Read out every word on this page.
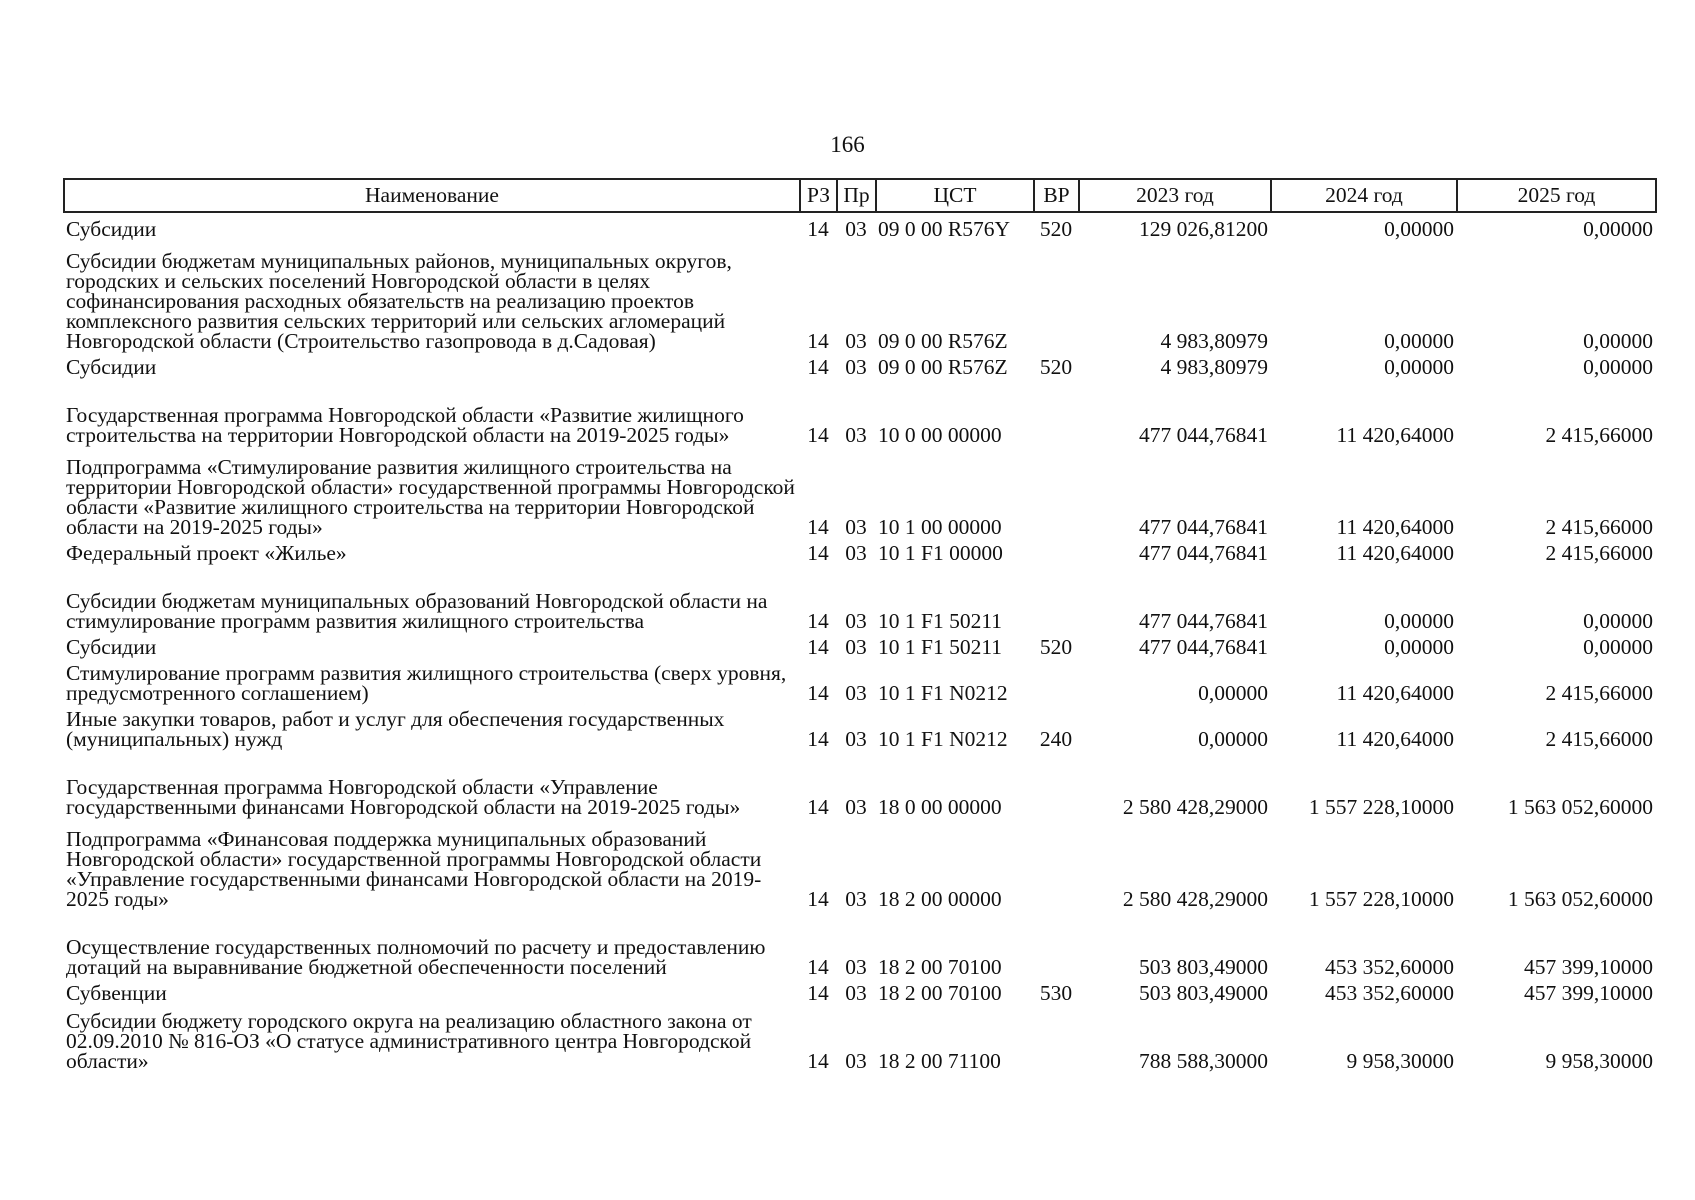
166
Наименование	РЗ	Пр	ЦСТ	ВР	2023 год	2024 год	2025 год
Субсидии	14	03	09 0 00 R576Y	520	129 026,81200	0,00000	0,00000
Субсидии бюджетам муниципальных районов, муниципальных округов, городских и сельских поселений Новгородской области в целях софинансирования расходных обязательств на реализацию проектов комплексного развития сельских территорий или сельских агломераций Новгородской области (Строительство газопровода в д.Садовая)	14	03	09 0 00 R576Z		4 983,80979	0,00000	0,00000
Субсидии	14	03	09 0 00 R576Z	520	4 983,80979	0,00000	0,00000
Государственная программа Новгородской области «Развитие жилищного строительства на территории Новгородской области на 2019-2025 годы»	14	03	10 0 00 00000		477 044,76841	11 420,64000	2 415,66000
Подпрограмма «Стимулирование развития жилищного строительства на территории Новгородской области» государственной программы Новгородской области «Развитие жилищного строительства на территории Новгородской области на 2019-2025 годы»	14	03	10 1 00 00000		477 044,76841	11 420,64000	2 415,66000
Федеральный проект «Жилье»	14	03	10 1 F1 00000		477 044,76841	11 420,64000	2 415,66000
Субсидии бюджетам муниципальных образований Новгородской области на стимулирование программ развития жилищного строительства	14	03	10 1 F1 50211		477 044,76841	0,00000	0,00000
Субсидии	14	03	10 1 F1 50211	520	477 044,76841	0,00000	0,00000
Стимулирование программ развития жилищного строительства (сверх уровня, предусмотренного соглашением)	14	03	10 1 F1 N0212		0,00000	11 420,64000	2 415,66000
Иные закупки товаров, работ и услуг для обеспечения государственных (муниципальных) нужд	14	03	10 1 F1 N0212	240	0,00000	11 420,64000	2 415,66000
Государственная программа Новгородской области «Управление государственными финансами Новгородской области на 2019-2025 годы»	14	03	18 0 00 00000		2 580 428,29000	1 557 228,10000	1 563 052,60000
Подпрограмма «Финансовая поддержка муниципальных образований Новгородской области» государственной программы Новгородской области «Управление государственными финансами Новгородской области на 2019-2025 годы»	14	03	18 2 00 00000		2 580 428,29000	1 557 228,10000	1 563 052,60000
Осуществление государственных полномочий по расчету и предоставлению дотаций на выравнивание бюджетной обеспеченности поселений	14	03	18 2 00 70100		503 803,49000	453 352,60000	457 399,10000
Субвенции	14	03	18 2 00 70100	530	503 803,49000	453 352,60000	457 399,10000
Субсидии бюджету городского округа на реализацию областного закона от 02.09.2010 № 816-ОЗ «О статусе административного центра Новгородской области»	14	03	18 2 00 71100		788 588,30000	9 958,30000	9 958,30000
